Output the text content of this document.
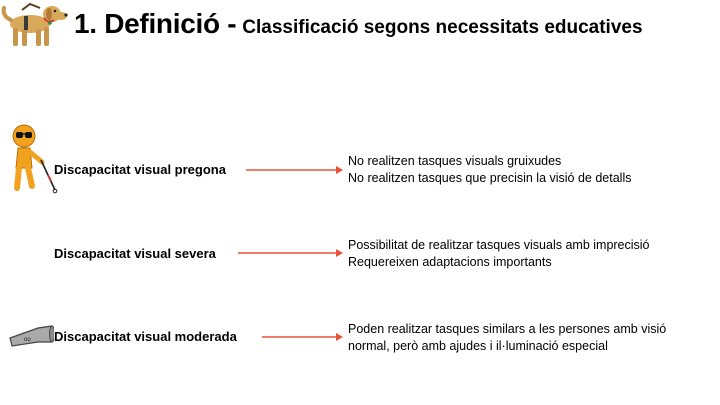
1. Definició - Classificació segons necessitats educatives
oo
Discapacitat visual pregona
No realitzen tasques visuals gruixudes
No realitzen tasques que precisin la visió de detalls
Discapacitat visual severa
Possibilitat de realitzar tasques visuals amb imprecisió
Requereixen adaptacions importants
Discapacitat visual moderada	Poden realitzar tasques similars a les persones amb visió
normal, però amb ajudes i il·luminació especial
